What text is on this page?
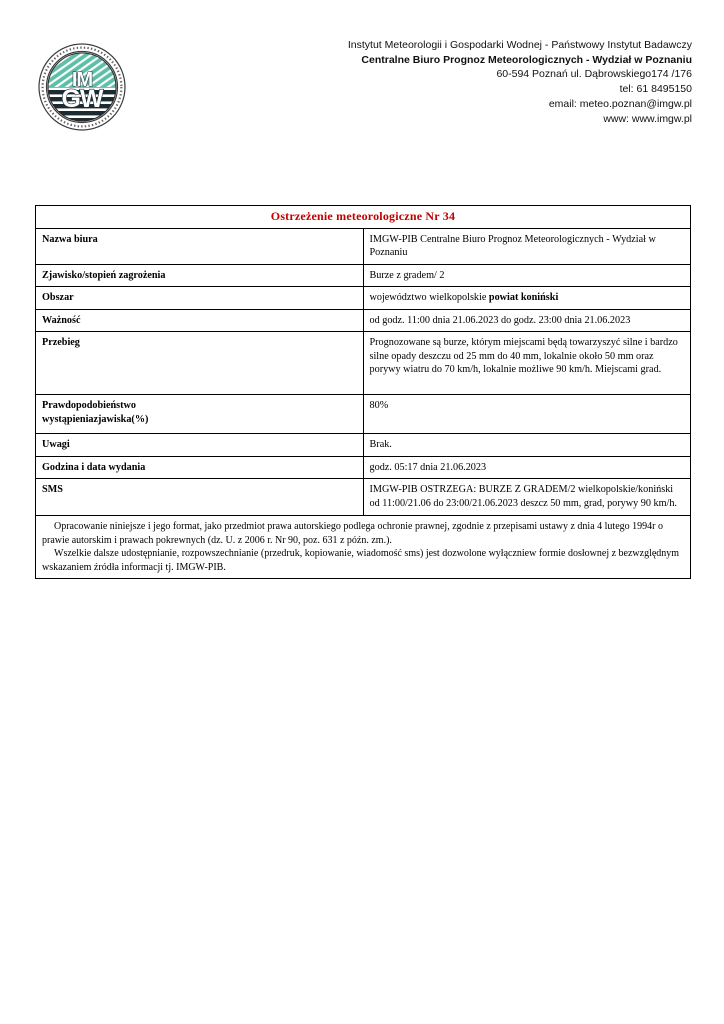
IM
GW
Instytut Meteorologii i Gospodarki Wodnej - Państwowy Instytut Badawczy
Centralne Biuro Prognoz Meteorologicznych - Wydział w Poznaniu
60-594 Poznań ul. Dąbrowskiego174 /176
tel: 61 8495150
email: meteo.poznan@imgw.pl
www: www.imgw.pl
Ostrzeżenie meteorologiczne Nr 34	
Nazwa biura	IMGW-PIB Centralne Biuro Prognoz Meteorologicznych - Wydział w Poznaniu
Zjawisko/stopień zagrożenia	Burze z gradem/ 2
Obszar	województwo wielkopolskie powiat koniński
Ważność	od godz. 11:00 dnia 21.06.2023 do godz. 23:00 dnia 21.06.2023
Przebieg	Prognozowane są burze, którym miejscami będą towarzyszyć silne i bardzo silne opady deszczu od 25 mm do 40 mm, lokalnie około 50 mm oraz porywy wiatru do 70 km/h, lokalnie możliwe 90 km/h. Miejscami grad.
Prawdopodobieństwo
wystąpieniazjawiska(%)	80%
Uwagi	Brak.
Godzina i data wydania	godz. 05:17 dnia 21.06.2023
SMS	IMGW-PIB OSTRZEGA: BURZE Z GRADEM/2 wielkopolskie/koniński od 11:00/21.06 do 23:00/21.06.2023 deszcz 50 mm, grad, porywy 90 km/h.

Opracowanie niniejsze i jego format, jako przedmiot prawa autorskiego podlega ochronie prawnej, zgodnie z przepisami ustawy z dnia 4 lutego 1994r o prawie autorskim i prawach pokrewnych (dz. U. z 2006 r. Nr 90, poz. 631 z późn. zm.).

Wszelkie dalsze udostępnianie, rozpowszechnianie (przedruk, kopiowanie, wiadomość sms) jest dozwolone wyłączniew formie dosłownej z bezwzględnym wskazaniem źródła informacji tj. IMGW-PIB.	
